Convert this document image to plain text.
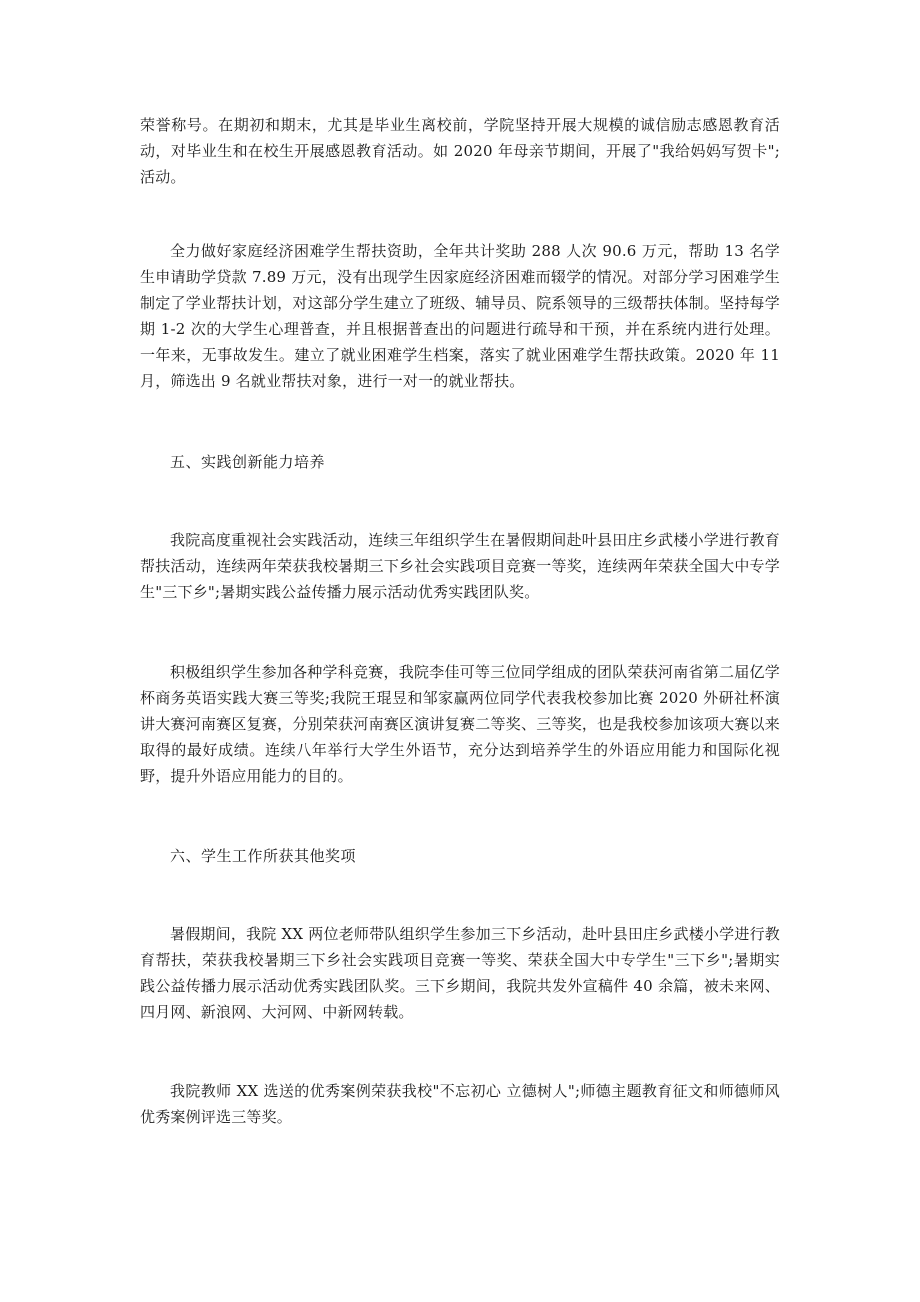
荣誉称号。在期初和期末，尤其是毕业生离校前，学院坚持开展大规模的诚信励志感恩教育活动，对毕业生和在校生开展感恩教育活动。如 2020 年母亲节期间，开展了"我给妈妈写贺卡";活动。

全力做好家庭经济困难学生帮扶资助，全年共计奖助 288 人次 90.6 万元，帮助 13 名学生申请助学贷款 7.89 万元，没有出现学生因家庭经济困难而辍学的情况。对部分学习困难学生制定了学业帮扶计划，对这部分学生建立了班级、辅导员、院系领导的三级帮扶体制。坚持每学期 1-2 次的大学生心理普查，并且根据普查出的问题进行疏导和干预，并在系统内进行处理。一年来，无事故发生。建立了就业困难学生档案，落实了就业困难学生帮扶政策。2020 年 11 月，筛选出 9 名就业帮扶对象，进行一对一的就业帮扶。

五、实践创新能力培养

我院高度重视社会实践活动，连续三年组织学生在暑假期间赴叶县田庄乡武楼小学进行教育帮扶活动，连续两年荣获我校暑期三下乡社会实践项目竞赛一等奖，连续两年荣获全国大中专学生"三下乡";暑期实践公益传播力展示活动优秀实践团队奖。

积极组织学生参加各种学科竞赛，我院李佳可等三位同学组成的团队荣获河南省第二届亿学杯商务英语实践大赛三等奖;我院王琨昱和邹家赢两位同学代表我校参加比赛 2020 外研社杯演讲大赛河南赛区复赛，分别荣获河南赛区演讲复赛二等奖、三等奖，也是我校参加该项大赛以来取得的最好成绩。连续八年举行大学生外语节，充分达到培养学生的外语应用能力和国际化视野，提升外语应用能力的目的。

六、学生工作所获其他奖项

暑假期间，我院 XX 两位老师带队组织学生参加三下乡活动，赴叶县田庄乡武楼小学进行教育帮扶，荣获我校暑期三下乡社会实践项目竞赛一等奖、荣获全国大中专学生"三下乡";暑期实践公益传播力展示活动优秀实践团队奖。三下乡期间，我院共发外宣稿件 40 余篇，被未来网、四月网、新浪网、大河网、中新网转载。

我院教师 XX 选送的优秀案例荣获我校"不忘初心 立德树人";师德主题教育征文和师德师风优秀案例评选三等奖。
